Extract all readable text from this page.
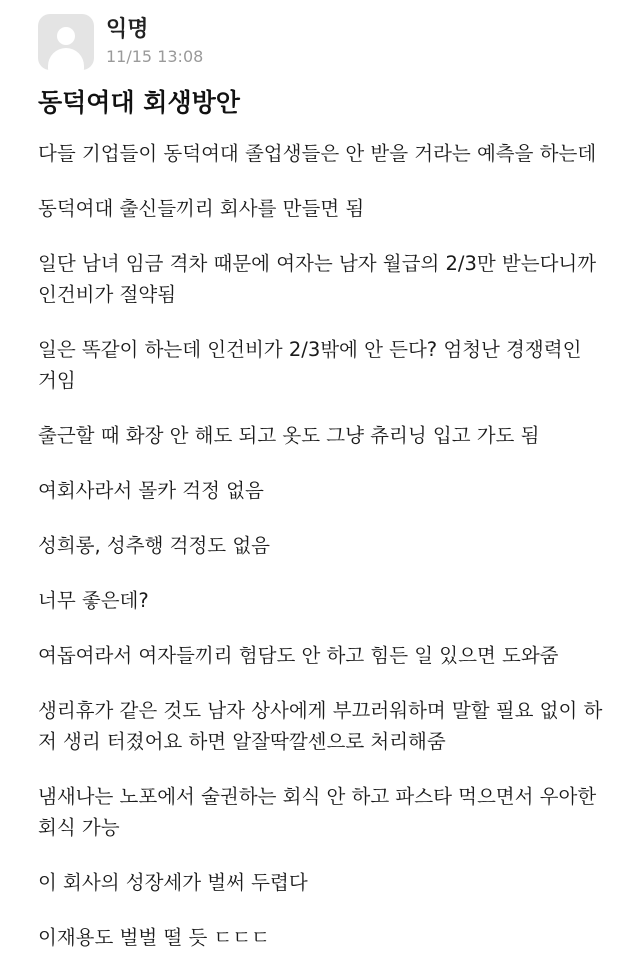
익명
11/15 13:08
동덕여대 회생방안
다들 기업들이 동덕여대 졸업생들은 안 받을 거라는 예측을 하는데
동덕여대 출신들끼리 회사를 만들면 됨
일단 남녀 임금 격차 때문에 여자는 남자 월급의 2/3만 받는다니까
인건비가 절약됨
일은 똑같이 하는데 인건비가 2/3밖에 안 든다? 엄청난 경쟁력인
거임
출근할 때 화장 안 해도 되고 옷도 그냥 츄리닝 입고 가도 됨
여회사라서 몰카 걱정 없음
성희롱, 성추행 걱정도 없음
너무 좋은데?
여돕여라서 여자들끼리 험담도 안 하고 힘든 일 있으면 도와줌
생리휴가 같은 것도 남자 상사에게 부끄러워하며 말할 필요 없이 하
저 생리 터졌어요 하면 알잘딱깔센으로 처리해줌
냄새나는 노포에서 술권하는 회식 안 하고 파스타 먹으면서 우아한
회식 가능
이 회사의 성장세가 벌써 두렵다
이재용도 벌벌 떨 듯 ㄷㄷㄷ
